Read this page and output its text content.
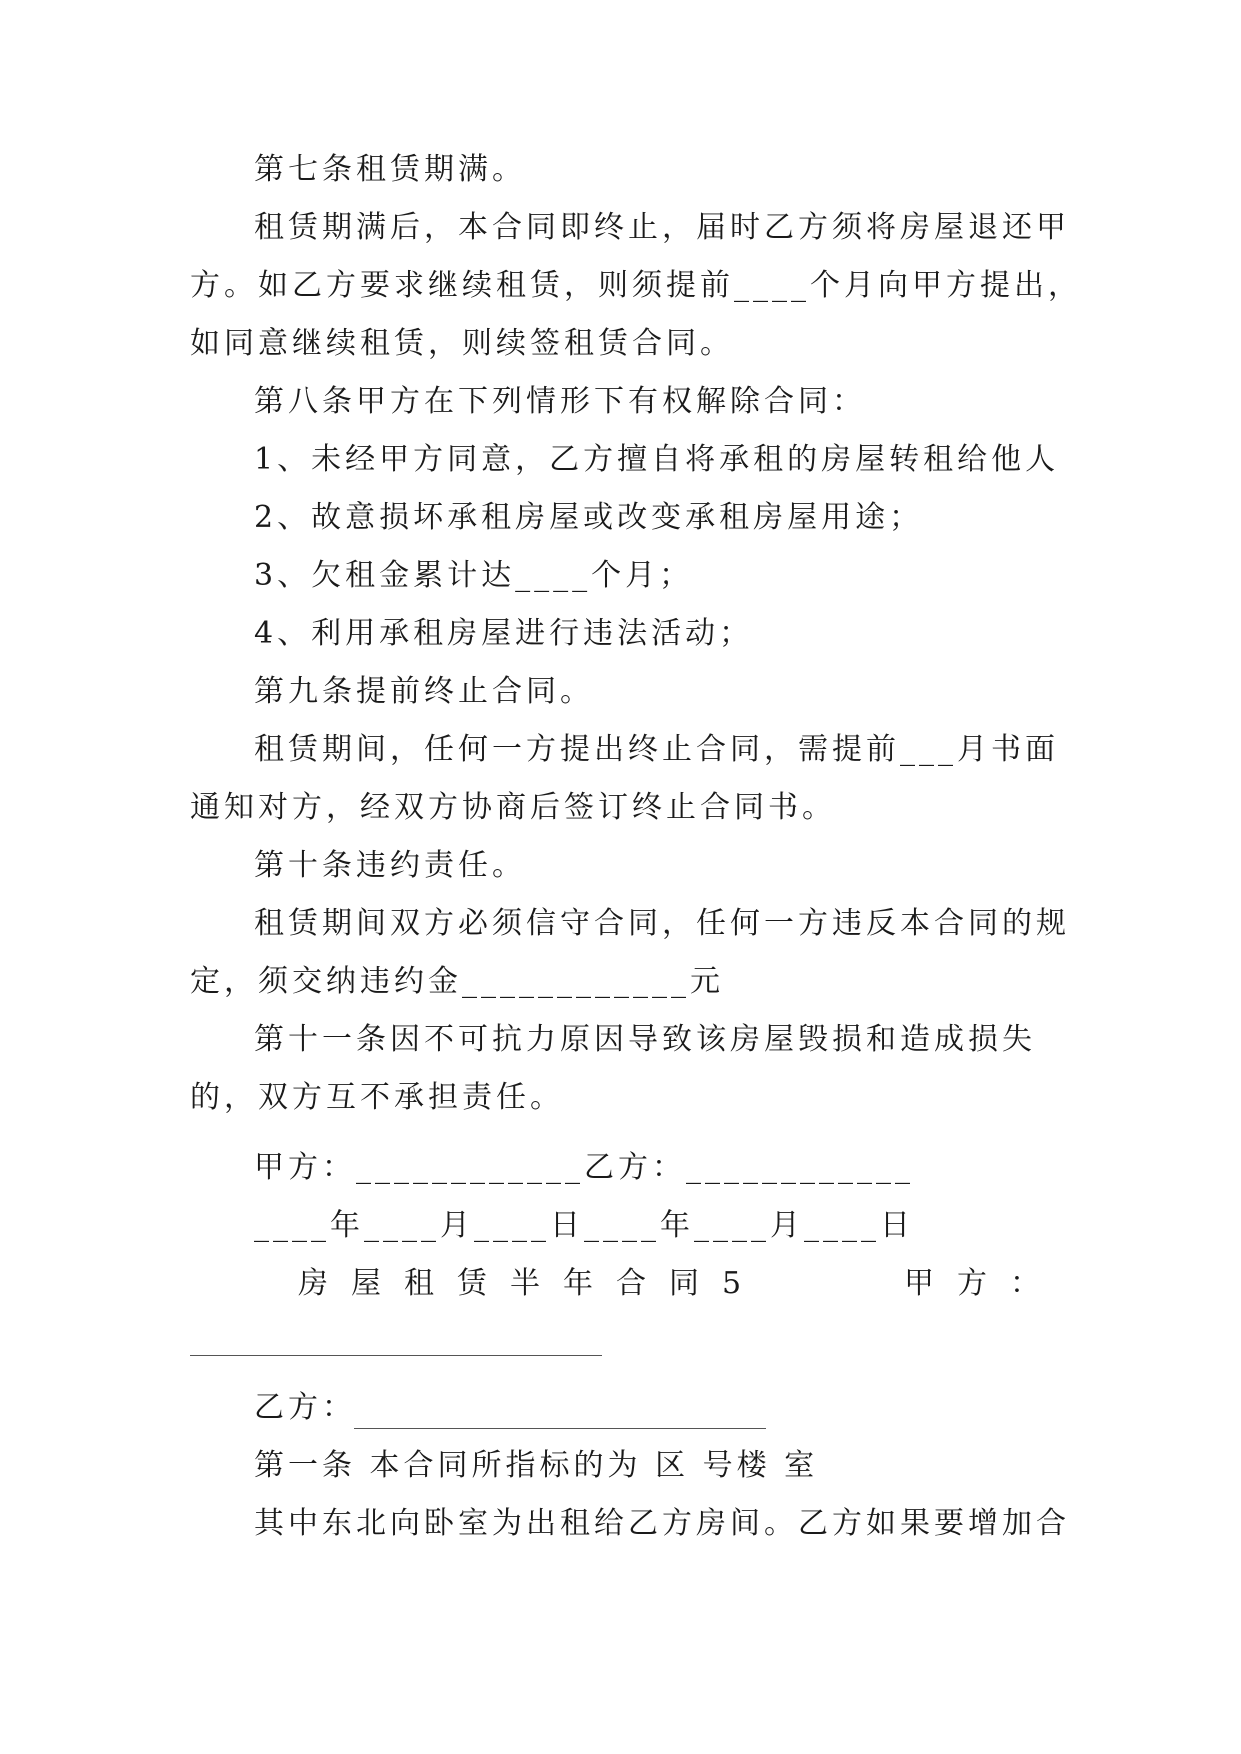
第七条租赁期满。
租赁期满后，本合同即终止，届时乙方须将房屋退还甲
方。如乙方要求继续租赁，则须提前____个月向甲方提出，
如同意继续租赁，则续签租赁合同。
第八条甲方在下列情形下有权解除合同：
1、未经甲方同意，乙方擅自将承租的房屋转租给他人
2、故意损坏承租房屋或改变承租房屋用途；
3、欠租金累计达____个月；
4、利用承租房屋进行违法活动；
第九条提前终止合同。
租赁期间，任何一方提出终止合同，需提前___月书面
通知对方，经双方协商后签订终止合同书。
第十条违约责任。
租赁期间双方必须信守合同，任何一方违反本合同的规
定，须交纳违约金____________元
第十一条因不可抗力原因导致该房屋毁损和造成损失
的，双方互不承担责任。
甲方：____________乙方：____________
____年____月____日____年____月____日
房屋租赁半年合同5	甲方：
乙方：
第一条 本合同所指标的为 区 号楼 室
其中东北向卧室为出租给乙方房间。乙方如果要增加合
